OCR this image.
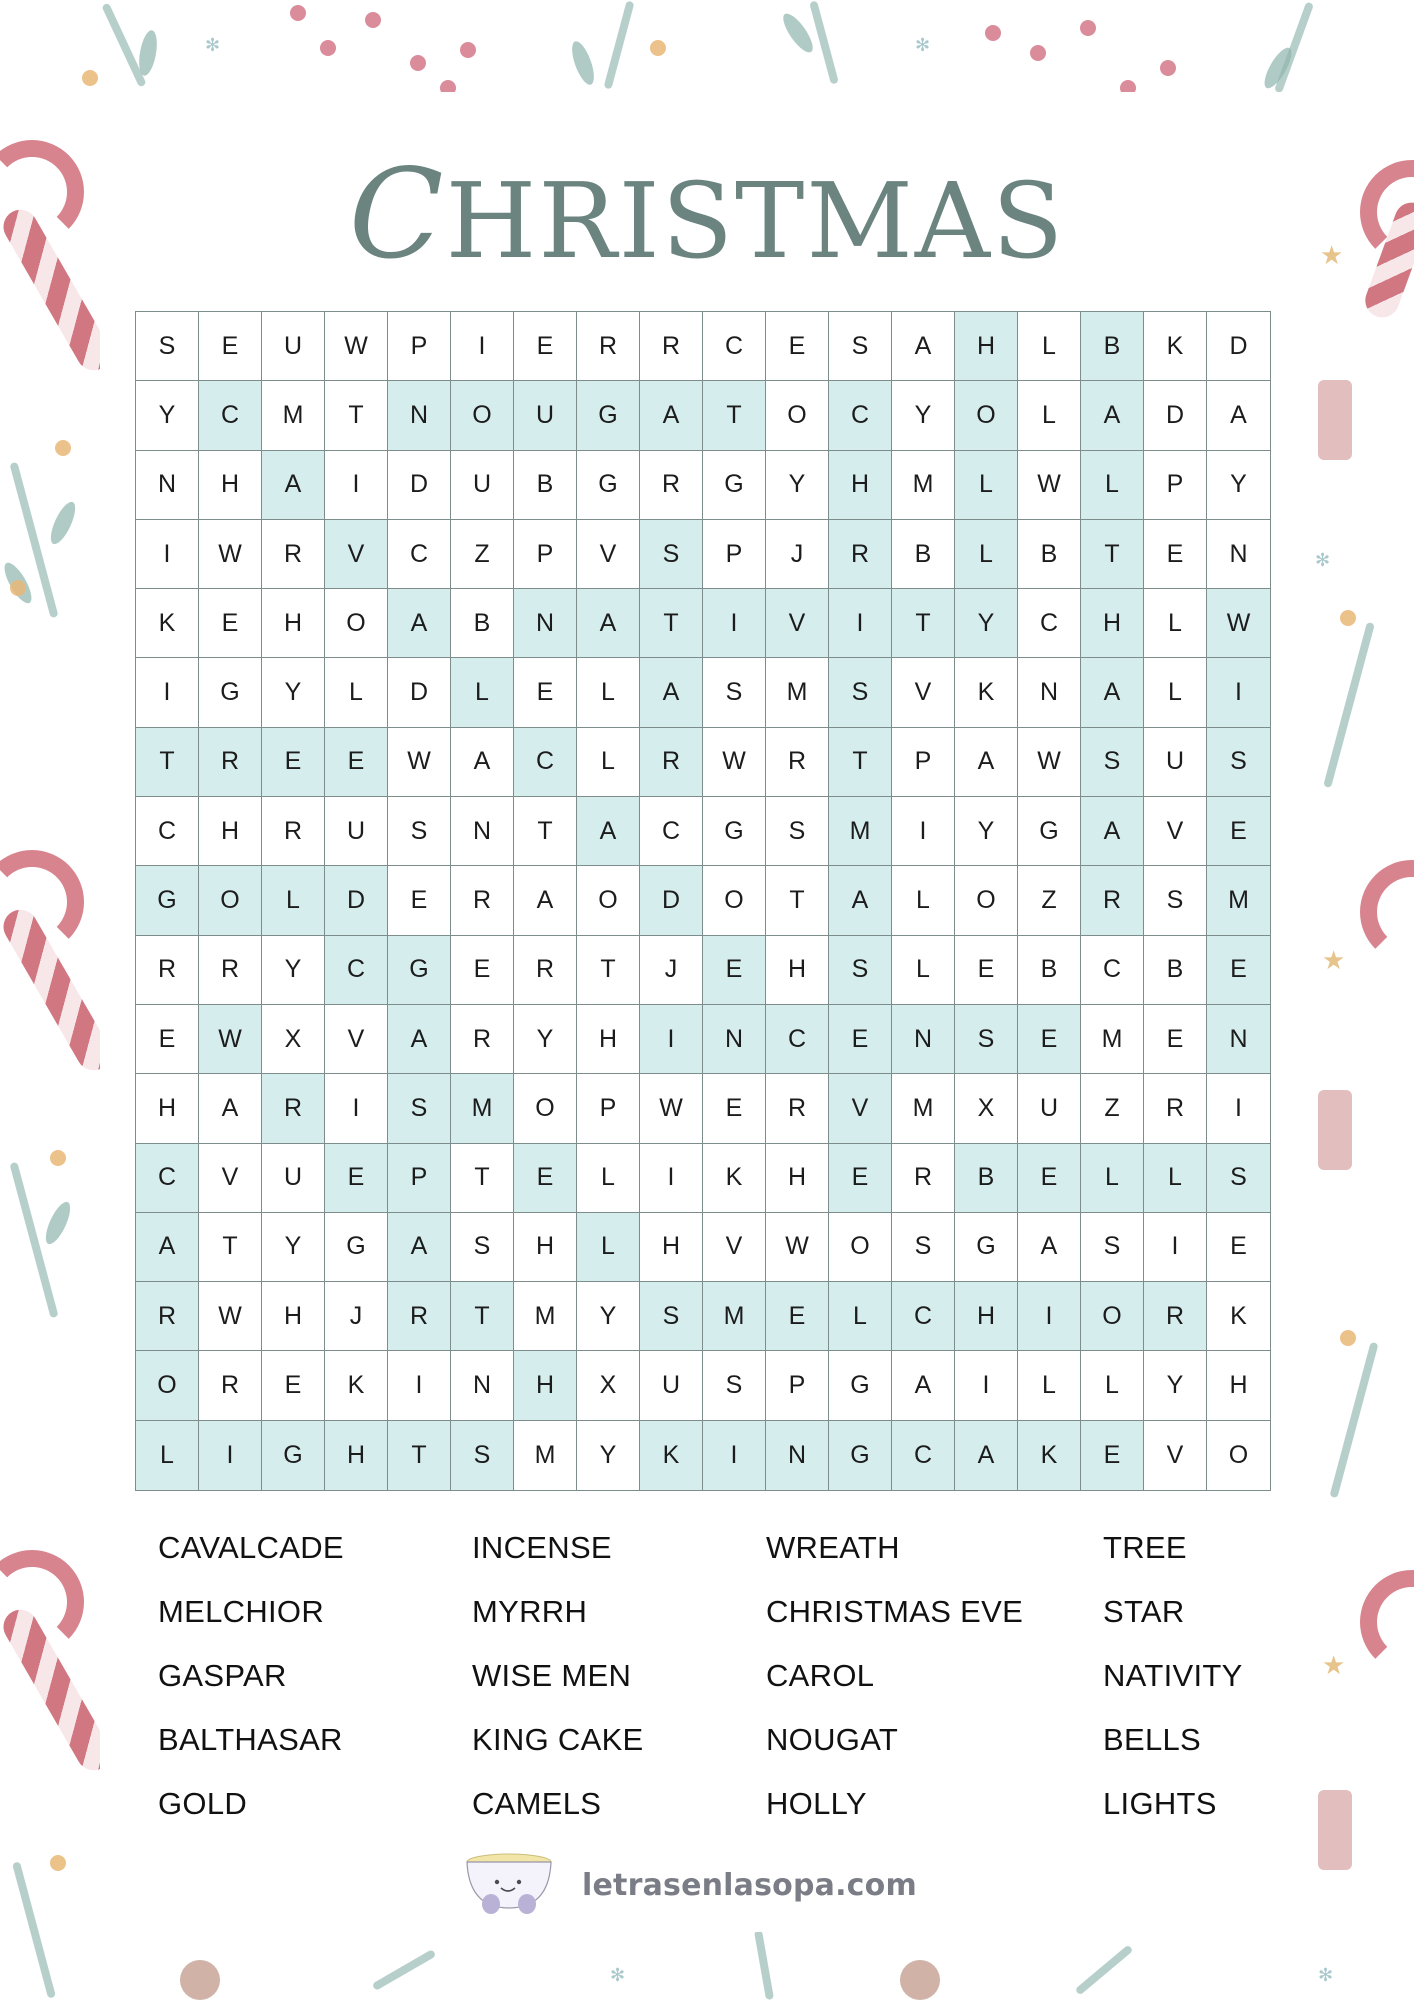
✻	✻
★
✻
★
★
✻	✻
CHRISTMAS
S	E	U	W	P	I	E	R	R	C	E	S	A	H	L	B	K	D
Y	C	M	T	N	O	U	G	A	T	O	C	Y	O	L	A	D	A
N	H	A	I	D	U	B	G	R	G	Y	H	M	L	W	L	P	Y
I	W	R	V	C	Z	P	V	S	P	J	R	B	L	B	T	E	N
K	E	H	O	A	B	N	A	T	I	V	I	T	Y	C	H	L	W
I	G	Y	L	D	L	E	L	A	S	M	S	V	K	N	A	L	I
T	R	E	E	W	A	C	L	R	W	R	T	P	A	W	S	U	S
C	H	R	U	S	N	T	A	C	G	S	M	I	Y	G	A	V	E
G	O	L	D	E	R	A	O	D	O	T	A	L	O	Z	R	S	M
R	R	Y	C	G	E	R	T	J	E	H	S	L	E	B	C	B	E
E	W	X	V	A	R	Y	H	I	N	C	E	N	S	E	M	E	N
H	A	R	I	S	M	O	P	W	E	R	V	M	X	U	Z	R	I
C	V	U	E	P	T	E	L	I	K	H	E	R	B	E	L	L	S
A	T	Y	G	A	S	H	L	H	V	W	O	S	G	A	S	I	E
R	W	H	J	R	T	M	Y	S	M	E	L	C	H	I	O	R	K
O	R	E	K	I	N	H	X	U	S	P	G	A	I	L	L	Y	H
L	I	G	H	T	S	M	Y	K	I	N	G	C	A	K	E	V	O
CAVALCADE
MELCHIOR
GASPAR
BALTHASAR
GOLD
INCENSE
MYRRH
WISE MEN
KING CAKE
CAMELS
WREATH
CHRISTMAS EVE
CAROL
NOUGAT
HOLLY
TREE
STAR
NATIVITY
BELLS
LIGHTS
letrasenlasopa.com
